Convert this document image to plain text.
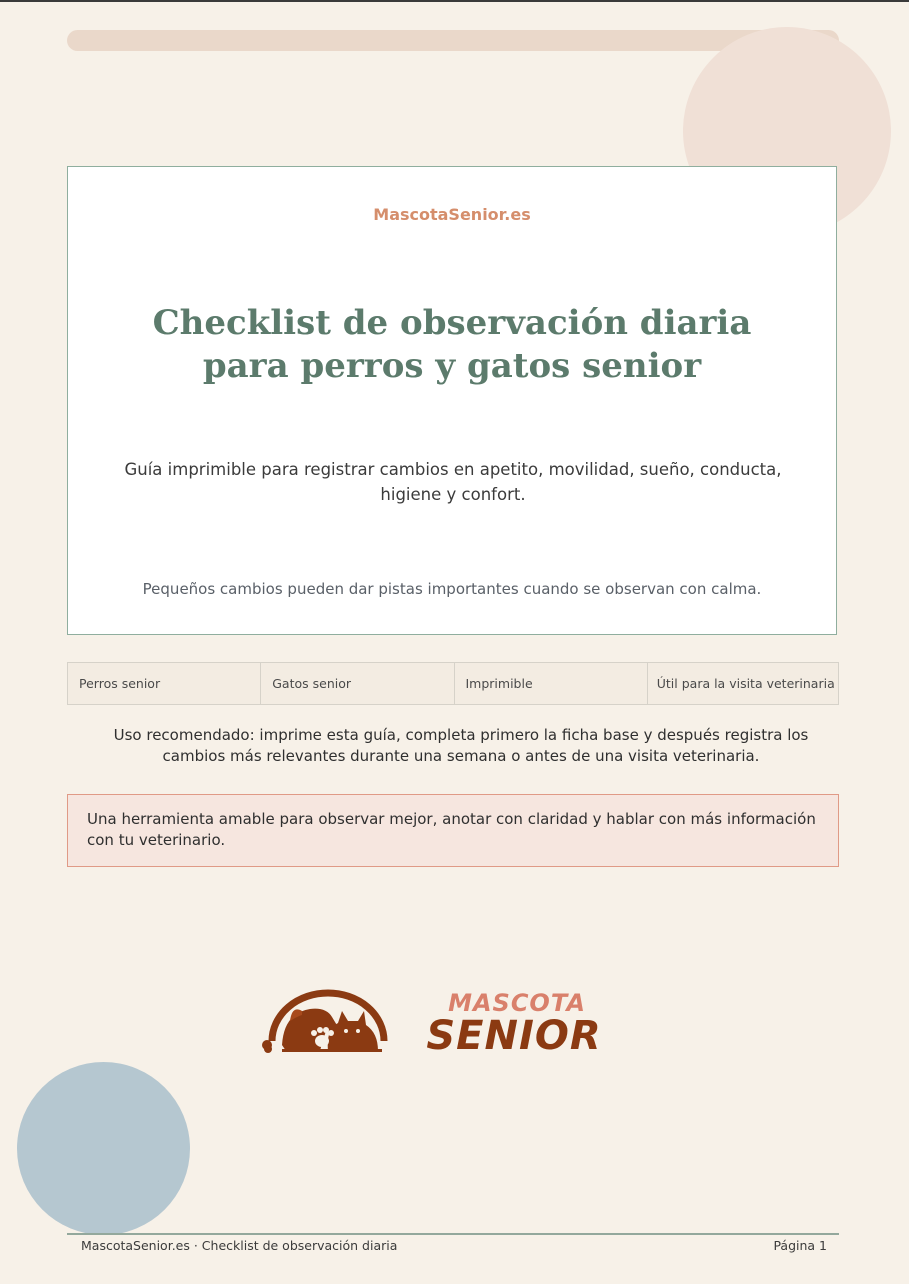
MascotaSenior.es
Checklist de observación diaria
para perros y gatos senior
Guía imprimible para registrar cambios en apetito, movilidad, sueño, conducta, higiene y confort.
Pequeños cambios pueden dar pistas importantes cuando se observan con calma.
Perros senior	Gatos senior	Imprimible	Útil para la visita veterinaria
Uso recomendado: imprime esta guía, completa primero la ficha base y después registra los cambios más relevantes durante una semana o antes de una visita veterinaria.
Una herramienta amable para observar mejor, anotar con claridad y hablar con más información con tu veterinario.
MASCOTA
SENIOR
MascotaSenior.es · Checklist de observación diaria	Página 1
